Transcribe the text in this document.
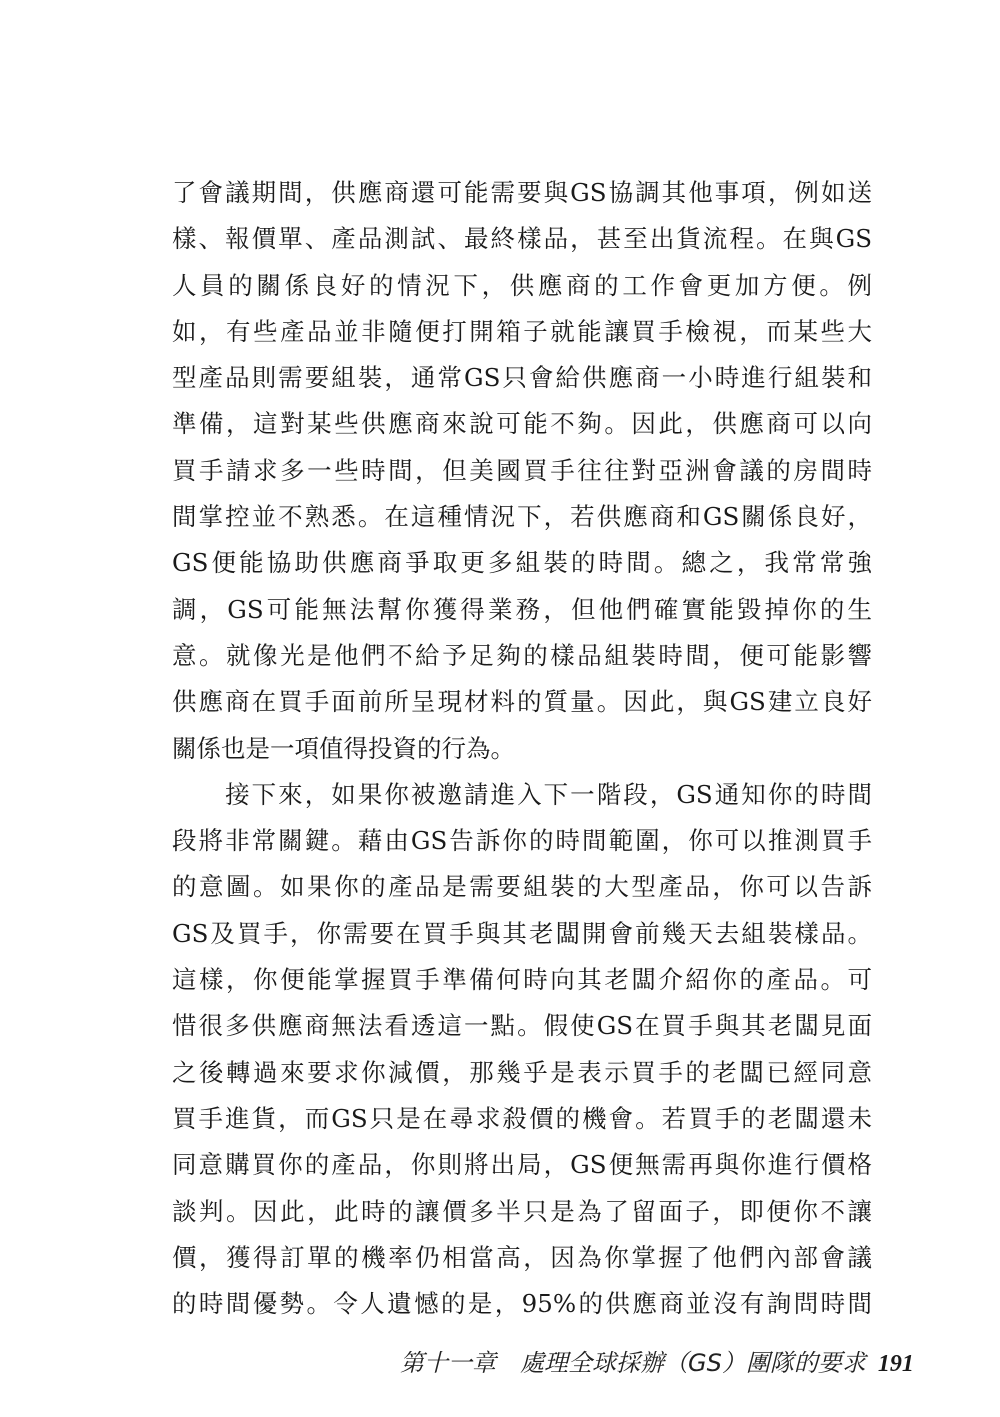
了會議期間，供應商還可能需要與GS協調其他事項，例如送
樣、報價單、產品測試、最終樣品，甚至出貨流程。在與GS
人員的關係良好的情況下，供應商的工作會更加方便。例
如，有些產品並非隨便打開箱子就能讓買手檢視，而某些大
型產品則需要組裝，通常GS只會給供應商一小時進行組裝和
準備，這對某些供應商來說可能不夠。因此，供應商可以向
買手請求多一些時間，但美國買手往往對亞洲會議的房間時
間掌控並不熟悉。在這種情況下，若供應商和GS關係良好，
GS便能協助供應商爭取更多組裝的時間。總之，我常常強
調，GS可能無法幫你獲得業務，但他們確實能毀掉你的生
意。就像光是他們不給予足夠的樣品組裝時間，便可能影響
供應商在買手面前所呈現材料的質量。因此，與GS建立良好
關係也是一項值得投資的行為。
　　接下來，如果你被邀請進入下一階段，GS通知你的時間
段將非常關鍵。藉由GS告訴你的時間範圍，你可以推測買手
的意圖。如果你的產品是需要組裝的大型產品，你可以告訴
GS及買手，你需要在買手與其老闆開會前幾天去組裝樣品。
這樣，你便能掌握買手準備何時向其老闆介紹你的產品。可
惜很多供應商無法看透這一點。假使GS在買手與其老闆見面
之後轉過來要求你減價，那幾乎是表示買手的老闆已經同意
買手進貨，而GS只是在尋求殺價的機會。若買手的老闆還未
同意購買你的產品，你則將出局，GS便無需再與你進行價格
談判。因此，此時的讓價多半只是為了留面子，即便你不讓
價，獲得訂單的機率仍相當高，因為你掌握了他們內部會議
的時間優勢。令人遺憾的是，95%的供應商並沒有詢問時間
第十一章　處理全球採辦（GS）團隊的要求 191
